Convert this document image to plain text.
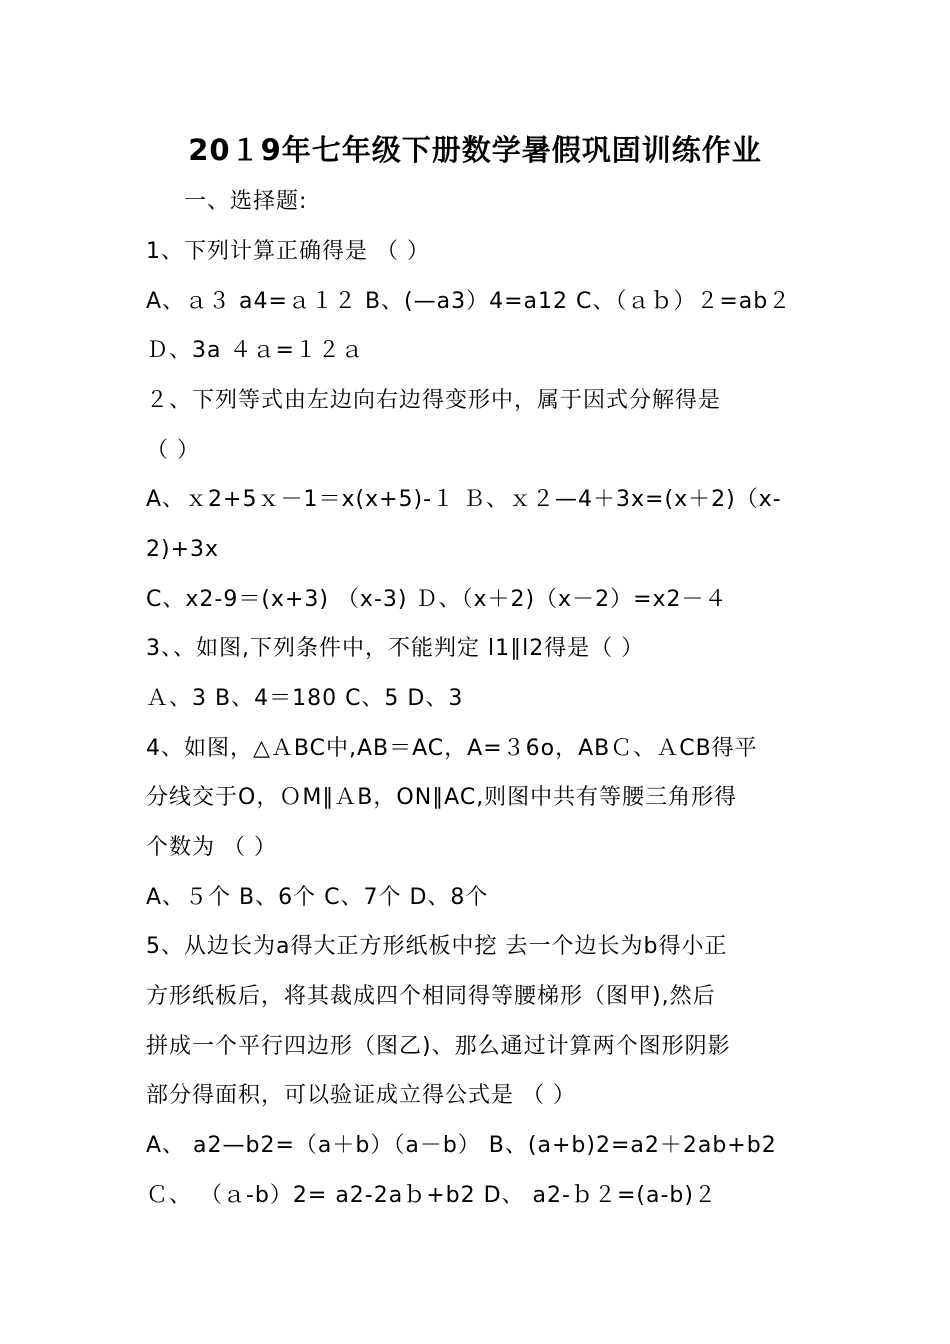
20１9年七年级下册数学暑假巩固训练作业
一、选择题:
1、下列计算正确得是 （ ）
A、ａ３ a4=ａ１２ B、(—a3）4=a12 C、（ａｂ）２=ab２
Ｄ、3a ４ａ=１２ａ
２、下列等式由左边向右边得变形中，属于因式分解得是
（ ）
A、ｘ2+5ｘ－1＝x(x+5)-１ Ｂ、ｘ２—4＋3x=(x＋2)（x-
2)+3x
C、x2-9＝(x+3) （x-3) Ｄ、（x＋2)（x－2）=x2－４
3、、如图,下列条件中，不能判定 l1∥l2得是（ ）
Ａ、3 B、4＝180 C、5 D、3
4、如图，△ＡBC中,AB＝AC，A=３6o，ABＣ、ＡCB得平
分线交于O，ＯM∥ＡB，ON∥AC,则图中共有等腰三角形得
个数为 （ ）
A、５个 B、6个 C、7个 D、8个
5、从边长为a得大正方形纸板中挖 去一个边长为b得小正
方形纸板后，将其裁成四个相同得等腰梯形（图甲),然后
拼成一个平行四边形（图乙)、那么通过计算两个图形阴影
部分得面积，可以验证成立得公式是 （ ）
A、 a2—b2=（a＋b）（a－b） B、(a+b)2=a2＋2ab+b2
Ｃ、 （ａ-b）2= a2-2aｂ+b2 D、 a2-ｂ２=(a-b)２
